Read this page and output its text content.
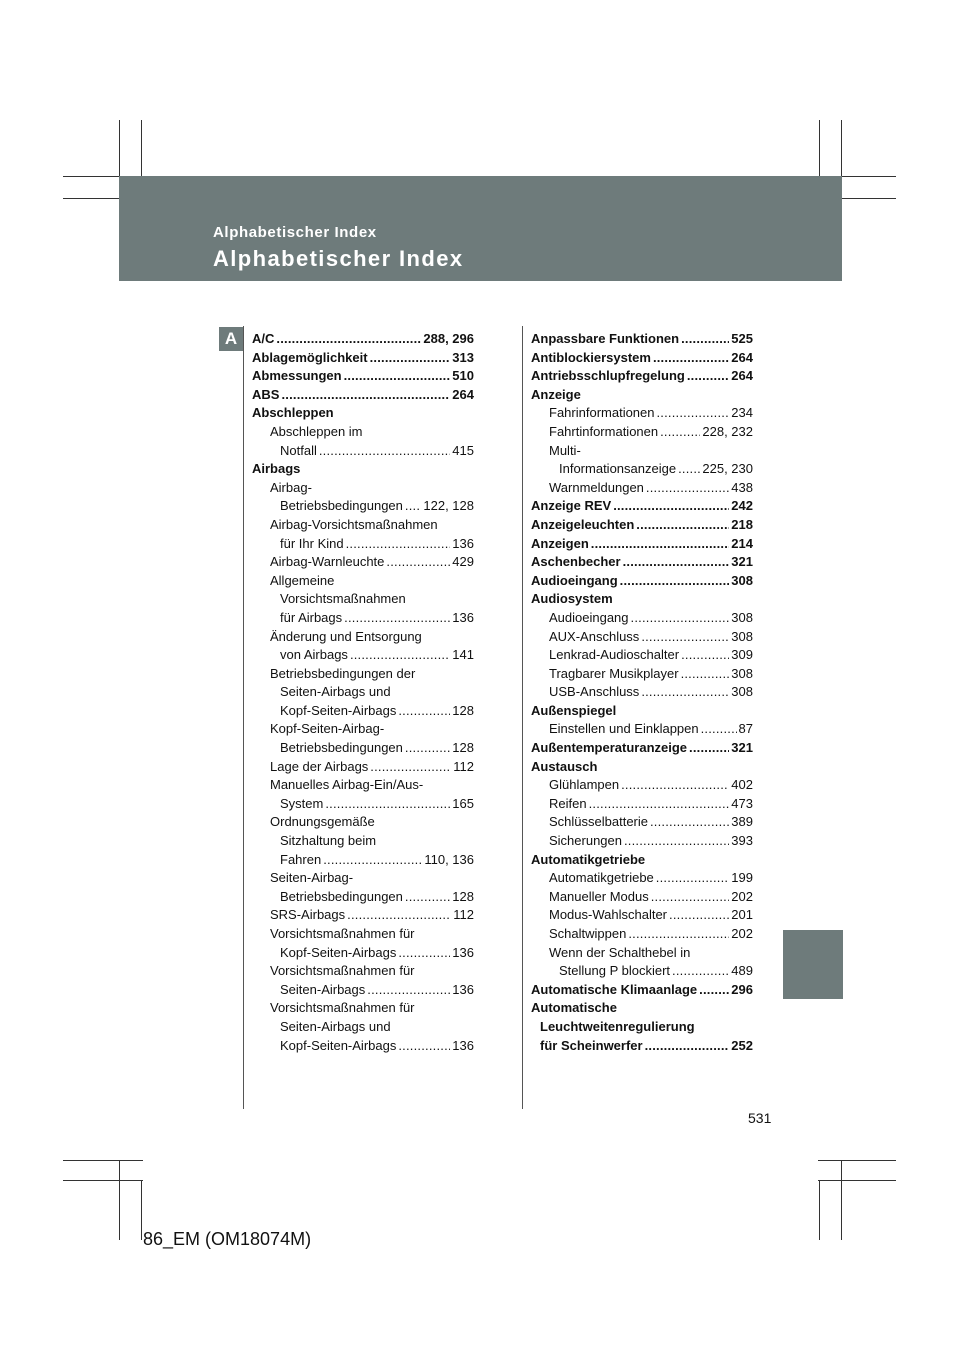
Alphabetischer Index
Alphabetischer Index
A	A/C .....	288, 296
Ablagemöglichkeit .....	313
Abmessungen .....	510
ABS .....	264
Abschleppen
Abschleppen im
Notfall .....	415
Airbags
Airbag-
Betriebsbedingungen ..... 122, 128
Airbag-Vorsichtsmaßnahmen
für Ihr Kind .....	136
Airbag-Warnleuchte .....	429
Allgemeine
Vorsichtsmaßnahmen
für Airbags .....	136
Änderung und Entsorgung
von Airbags .....	141
Betriebsbedingungen der
Seiten-Airbags und
Kopf-Seiten-Airbags .....	128
Kopf-Seiten-Airbag-
Betriebsbedingungen .....	128
Lage der Airbags .....	112
Manuelles Airbag-Ein/Aus-
System .....	165
Ordnungsgemäße
Sitzhaltung beim
Fahren .....	110, 136
Seiten-Airbag-
Betriebsbedingungen .....	128
SRS-Airbags .....	112
Vorsichtsmaßnahmen für
Kopf-Seiten-Airbags .....	136
Vorsichtsmaßnahmen für
Seiten-Airbags .....	136
Vorsichtsmaßnahmen für
Seiten-Airbags und
Kopf-Seiten-Airbags .....	136
Anpassbare Funktionen .....	525
Antiblockiersystem .....	264
Antriebsschlupfregelung .....	264
Anzeige
Fahrinformationen .....	234
Fahrtinformationen .....	228, 232
Multi-
Informationsanzeige ..... 225, 230
Warnmeldungen .....	438
Anzeige REV .....	242
Anzeigeleuchten .....	218
Anzeigen .....	214
Aschenbecher .....	321
Audioeingang .....	308
Audiosystem
Audioeingang .....	308
AUX-Anschluss .....	308
Lenkrad-Audioschalter .....	309
Tragbarer Musikplayer .....	308
USB-Anschluss .....	308
Außenspiegel
Einstellen und Einklappen .....	87
Außentemperaturanzeige .....	321
Austausch
Glühlampen .....	402
Reifen .....	473
Schlüsselbatterie .....	389
Sicherungen .....	393
Automatikgetriebe
Automatikgetriebe .....	199
Manueller Modus .....	202
Modus-Wahlschalter .....	201
Schaltwippen .....	202
Wenn der Schalthebel in
Stellung P blockiert .....	489
Automatische Klimaanlage .....	296
Automatische
Leuchtweitenregulierung
für Scheinwerfer .....	252
531
86_EM (OM18074M)
